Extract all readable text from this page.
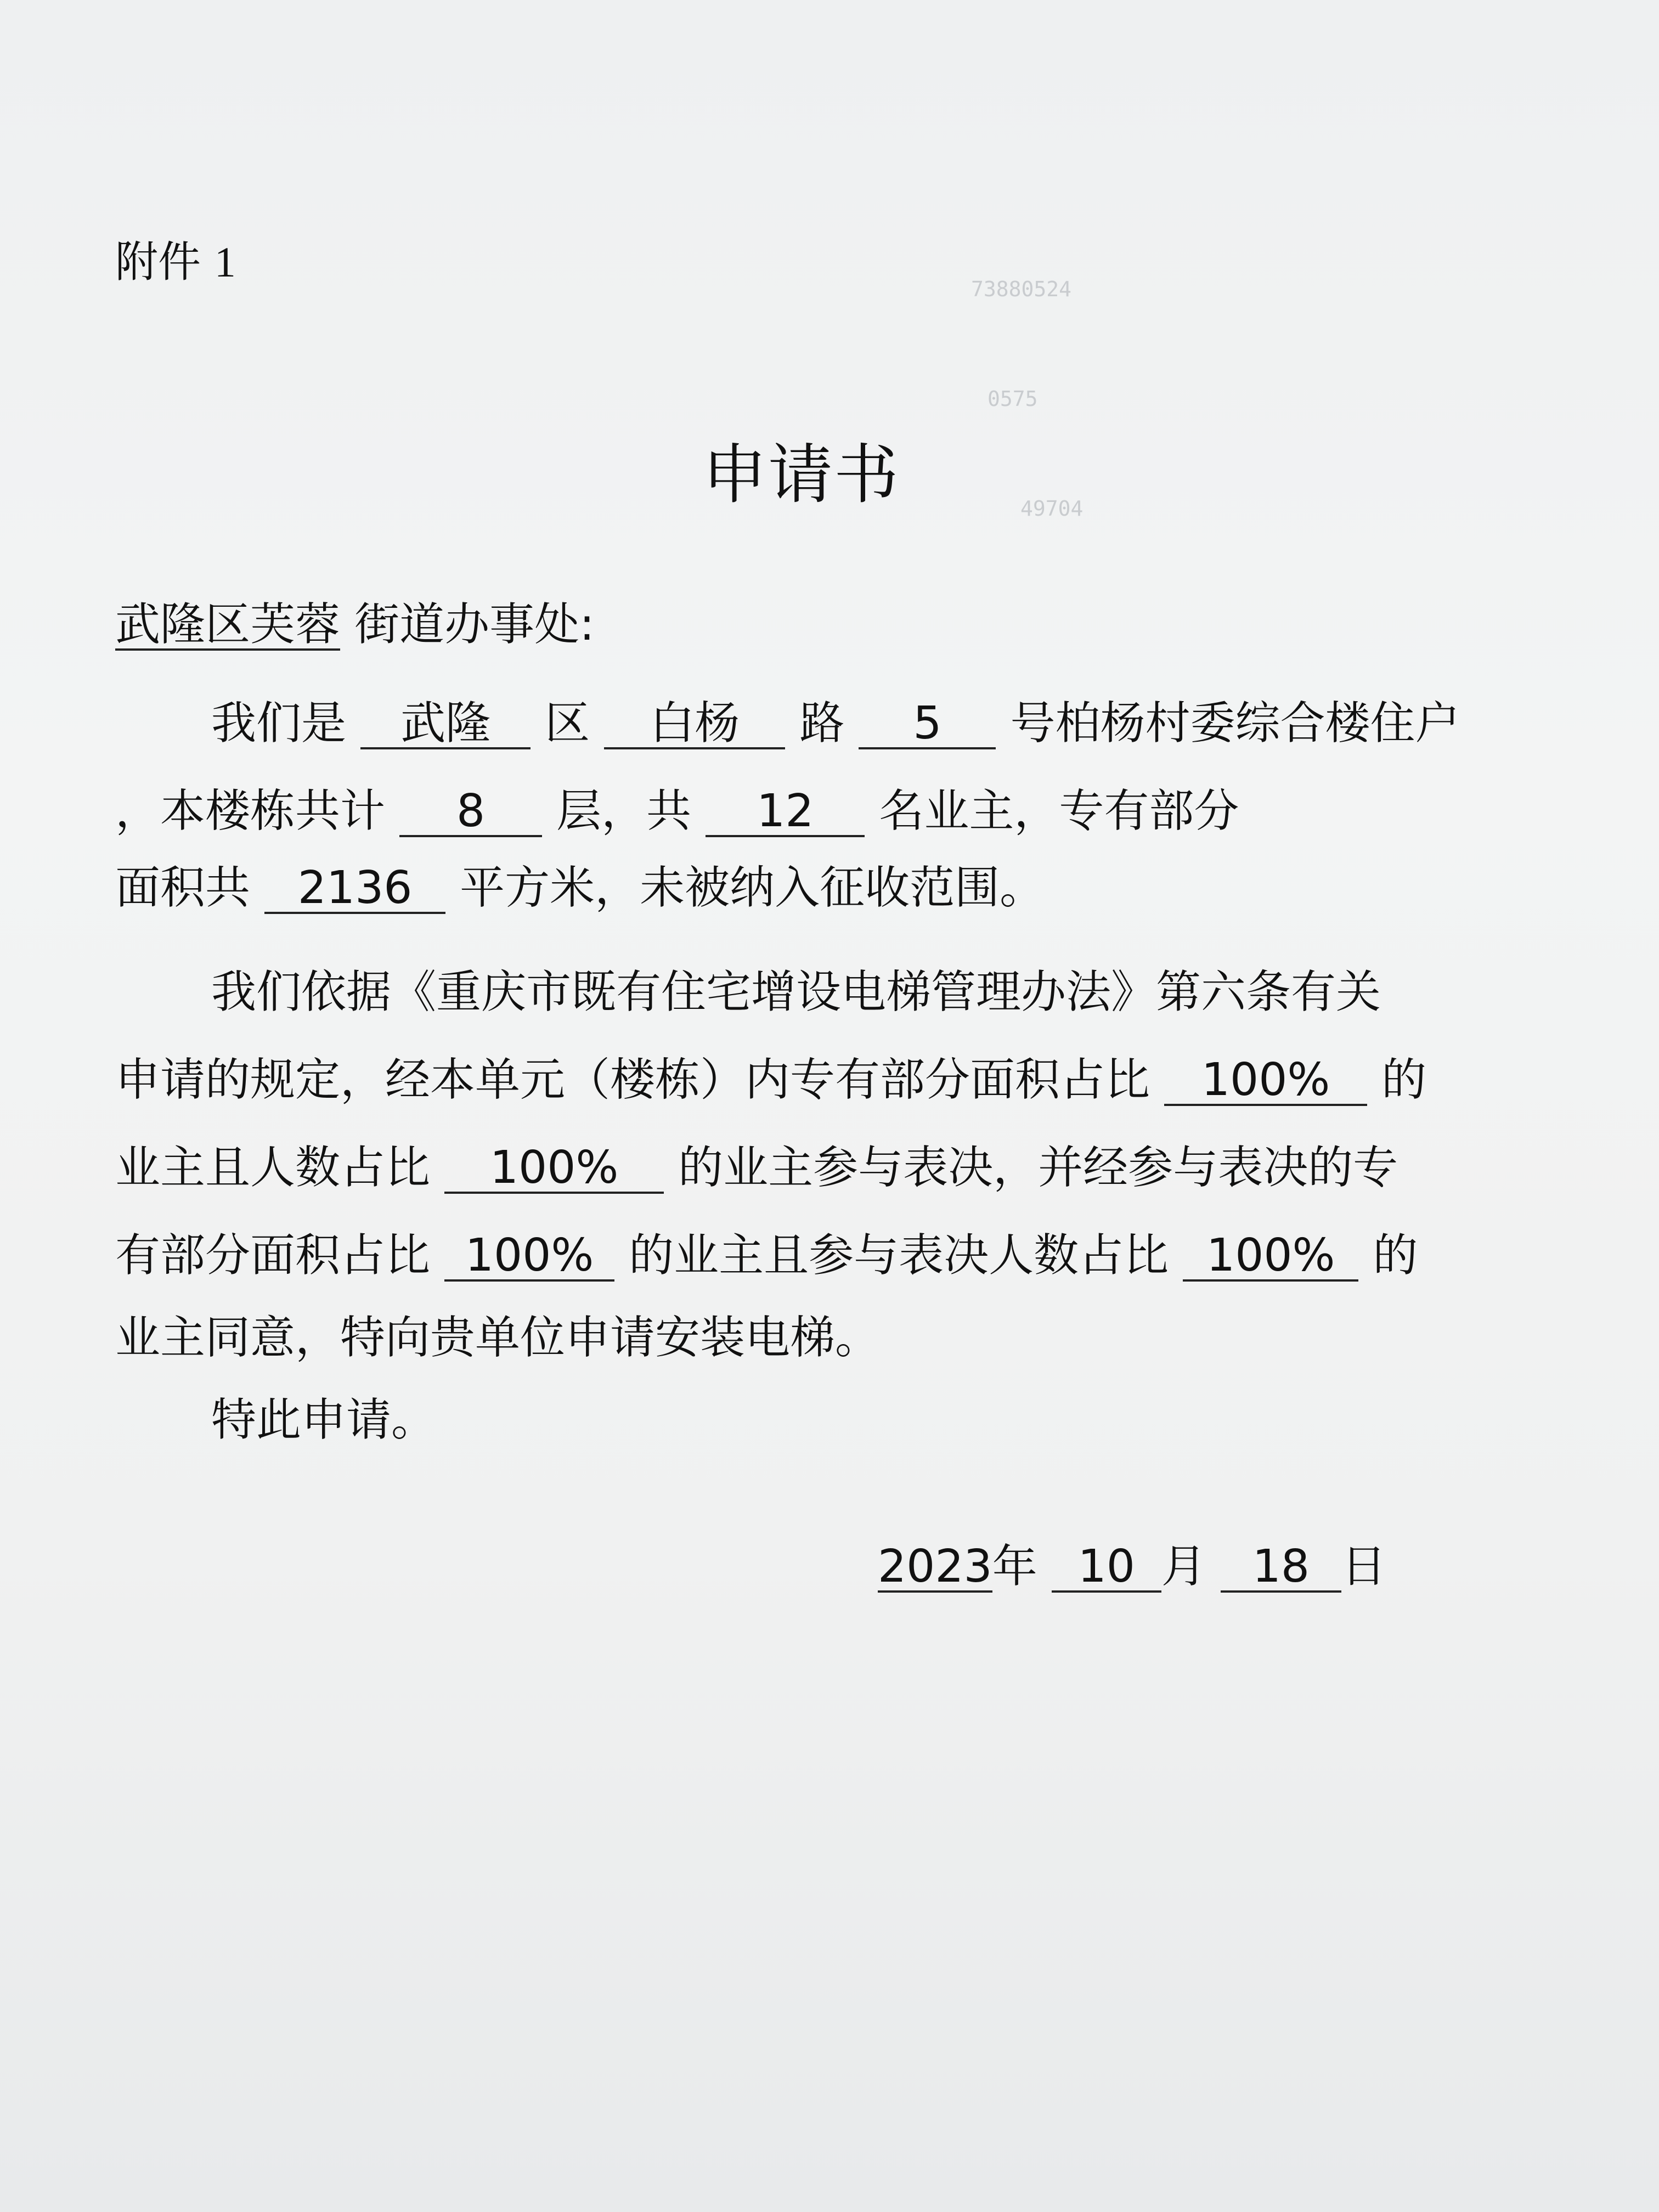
73880524
0575
49704
附件 1
申请书
武隆区芙蓉 街道办事处:
我们是 武隆 区 白杨 路 5 号柏杨村委综合楼住户
，本楼栋共计 8 层，共 12 名业主，专有部分
面积共 2136 平方米，未被纳入征收范围。
我们依据《重庆市既有住宅增设电梯管理办法》第六条有关
申请的规定，经本单元（楼栋）内专有部分面积占比 100% 的
业主且人数占比 100% 的业主参与表决，并经参与表决的专
有部分面积占比 100% 的业主且参与表决人数占比 100% 的
业主同意，特向贵单位申请安装电梯。
特此申请。
2023年 10 月 18 日
